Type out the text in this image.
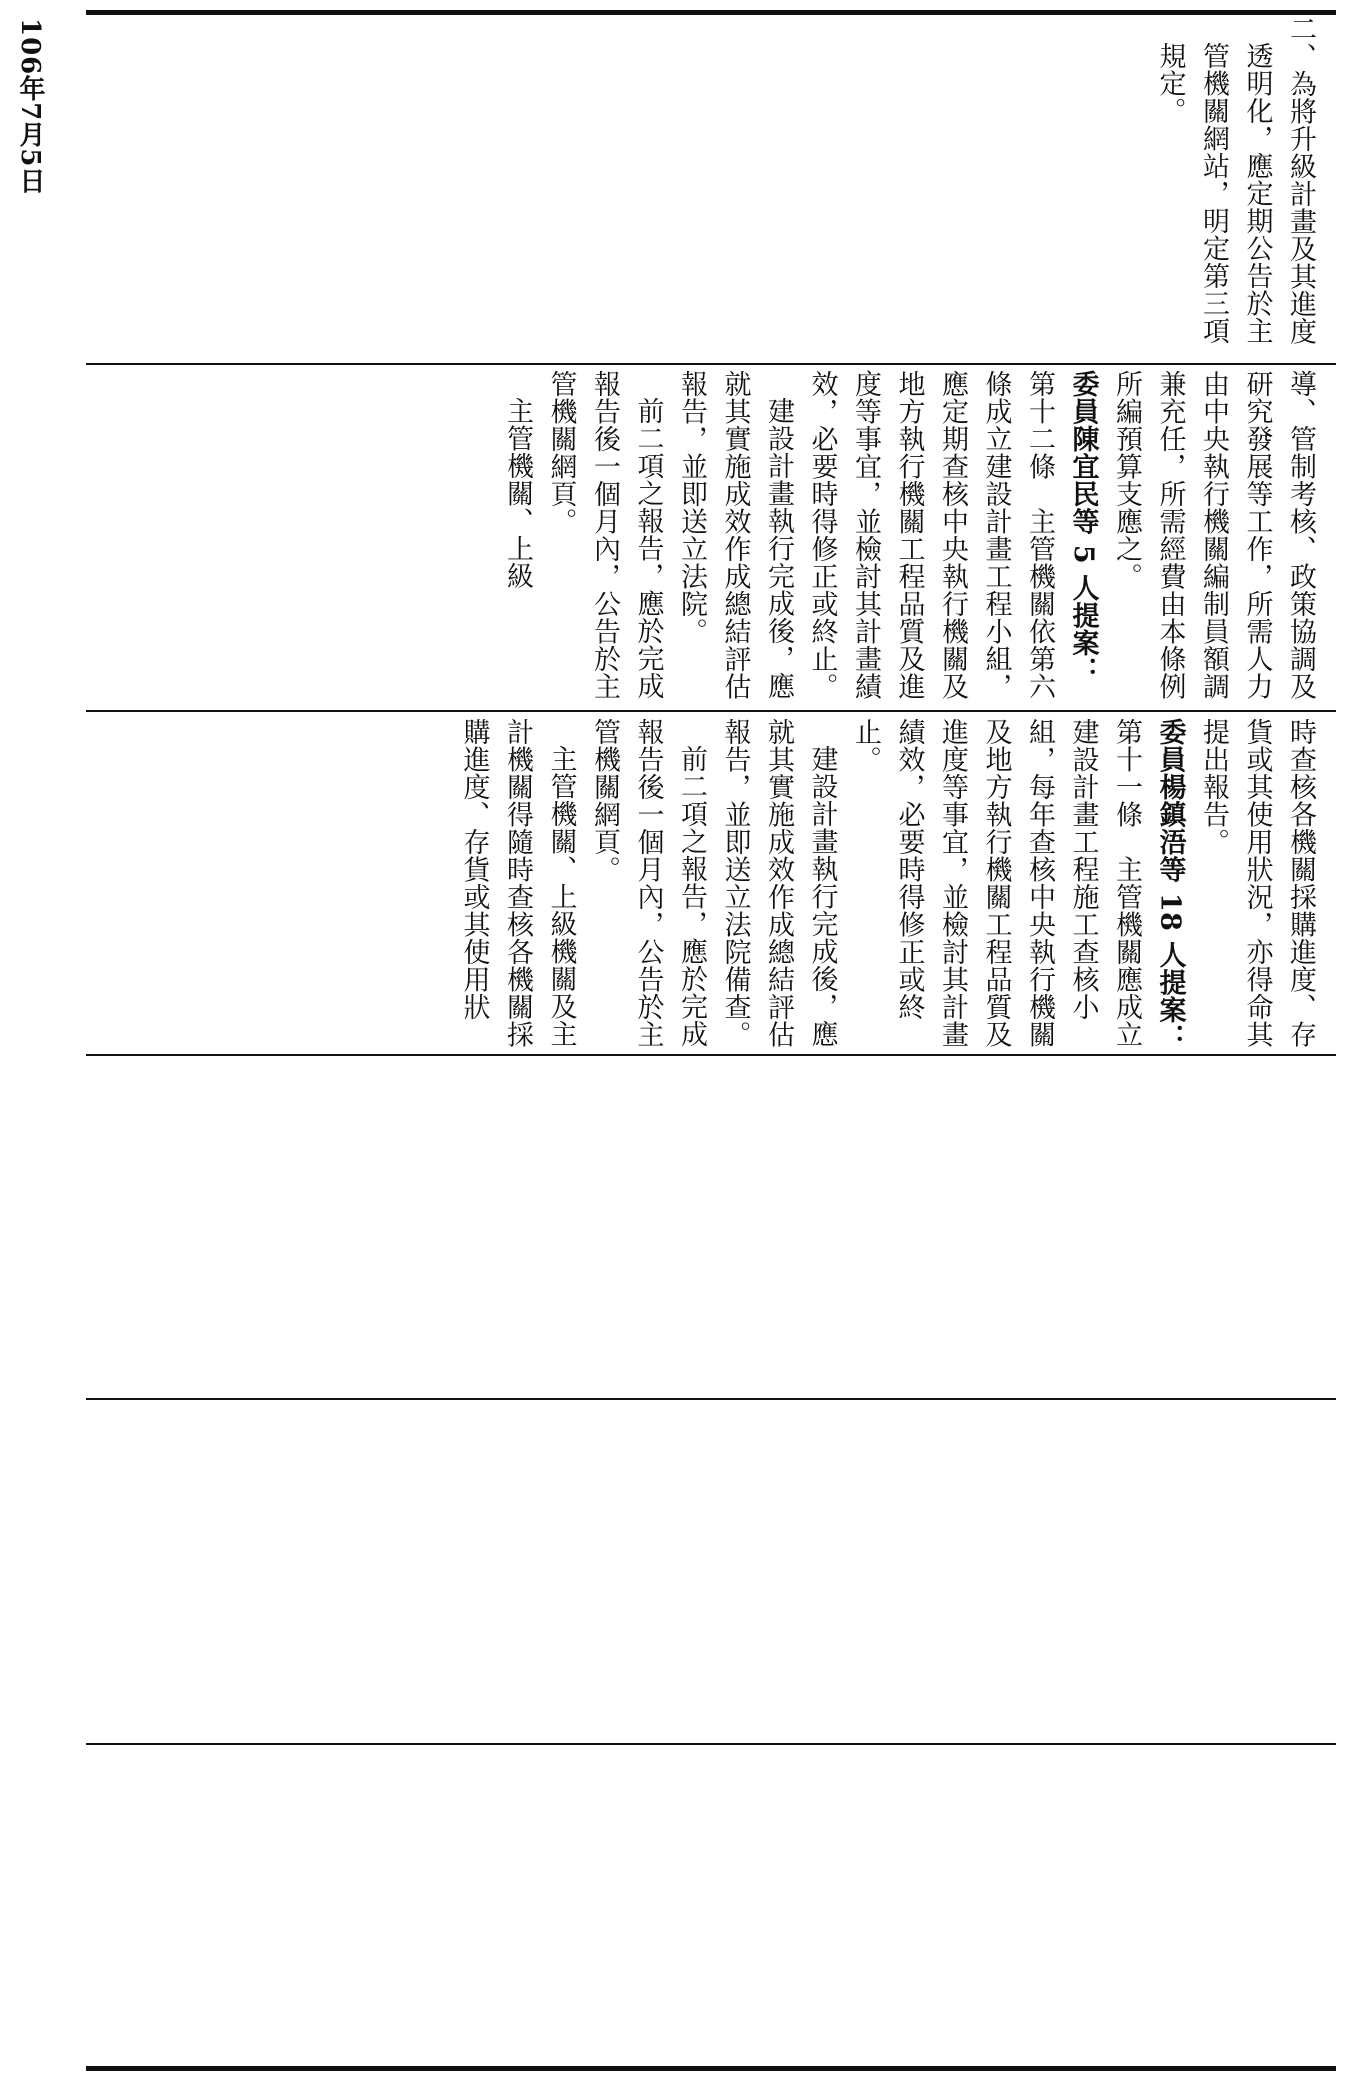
106年7月5日	二、為將升級計畫及其進度透明化，應定期公告於主管機關網站，明定第三項規定。

導、管制考核、政策協調及研究發展等工作，所需人力由中央執行機關編制員額調兼充任，所需經費由本條例所編預算支應之。

委員陳宜民等 5 人提案：

第十二條　主管機關依第六條成立建設計畫工程小組，應定期查核中央執行機關及地方執行機關工程品質及進度等事宜，並檢討其計畫績效，必要時得修正或終止。

建設計畫執行完成後，應就其實施成效作成總結評估報告，並即送立法院。

前二項之報告，應於完成報告後一個月內，公告於主管機關網頁。

主管機關、上級

時查核各機關採購進度、存貨或其使用狀況，亦得命其提出報告。

委員楊鎮浯等 18 人提案：

第十一條　主管機關應成立建設計畫工程施工查核小組，每年查核中央執行機關及地方執行機關工程品質及進度等事宜，並檢討其計畫績效，必要時得修正或終止。

建設計畫執行完成後，應就其實施成效作成總結評估報告，並即送立法院備查。

前二項之報告，應於完成報告後一個月內，公告於主管機關網頁。

主管機關、上級機關及主計機關得隨時查核各機關採購進度、存貨或其使用狀
